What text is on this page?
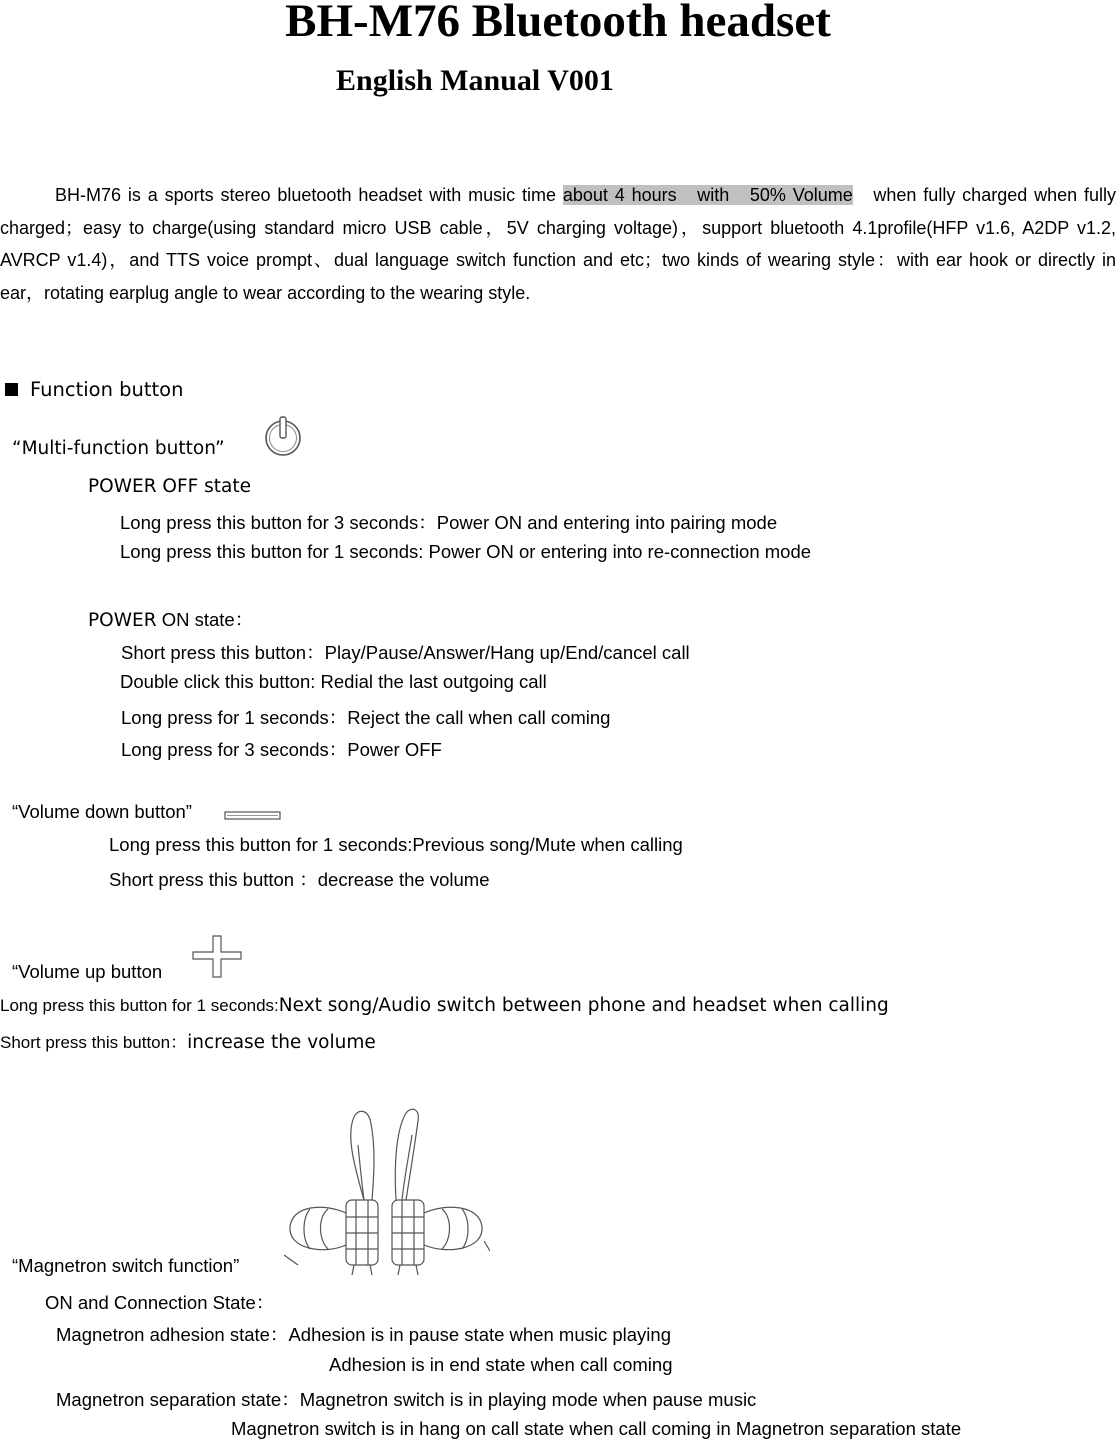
BH-M76 Bluetooth headset
English Manual V001

BH-M76 is a sports stereo bluetooth headset with music time about 4 hours   with   50% Volume   when fully charged when fully charged；easy to charge(using standard micro USB cable，5V charging voltage)，support bluetooth 4.1profile(HFP v1.6, A2DP v1.2, AVRCP v1.4)，and TTS voice prompt、dual language switch function and etc；two kinds of wearing style：with ear hook or directly in ear，rotating earplug angle to wear according to the wearing style.

Function button
“Multi-function button”
POWER OFF state
Long press this button for 3 seconds：Power ON and entering into pairing mode
Long press this button for 1 seconds: Power ON or entering into re-connection mode
POWER ON state：
Short press this button：Play/Pause/Answer/Hang up/End/cancel call
Double click this button: Redial the last outgoing call
Long press for 1 seconds：Reject the call when call coming
Long press for 3 seconds：Power OFF
“Volume down button”
Long press this button for 1 seconds:Previous song/Mute when calling
Short press this button ：decrease the volume
“Volume up button
Long press this button for 1 seconds:Next song/Audio switch between phone and headset when calling
Short press this button：increase the volume
“Magnetron switch function”
ON and Connection State：
Magnetron adhesion state：Adhesion is in pause state when music playing
Adhesion is in end state when call coming
Magnetron separation state：Magnetron switch is in playing mode when pause music
Magnetron switch is in hang on call state when call coming in Magnetron separation state
